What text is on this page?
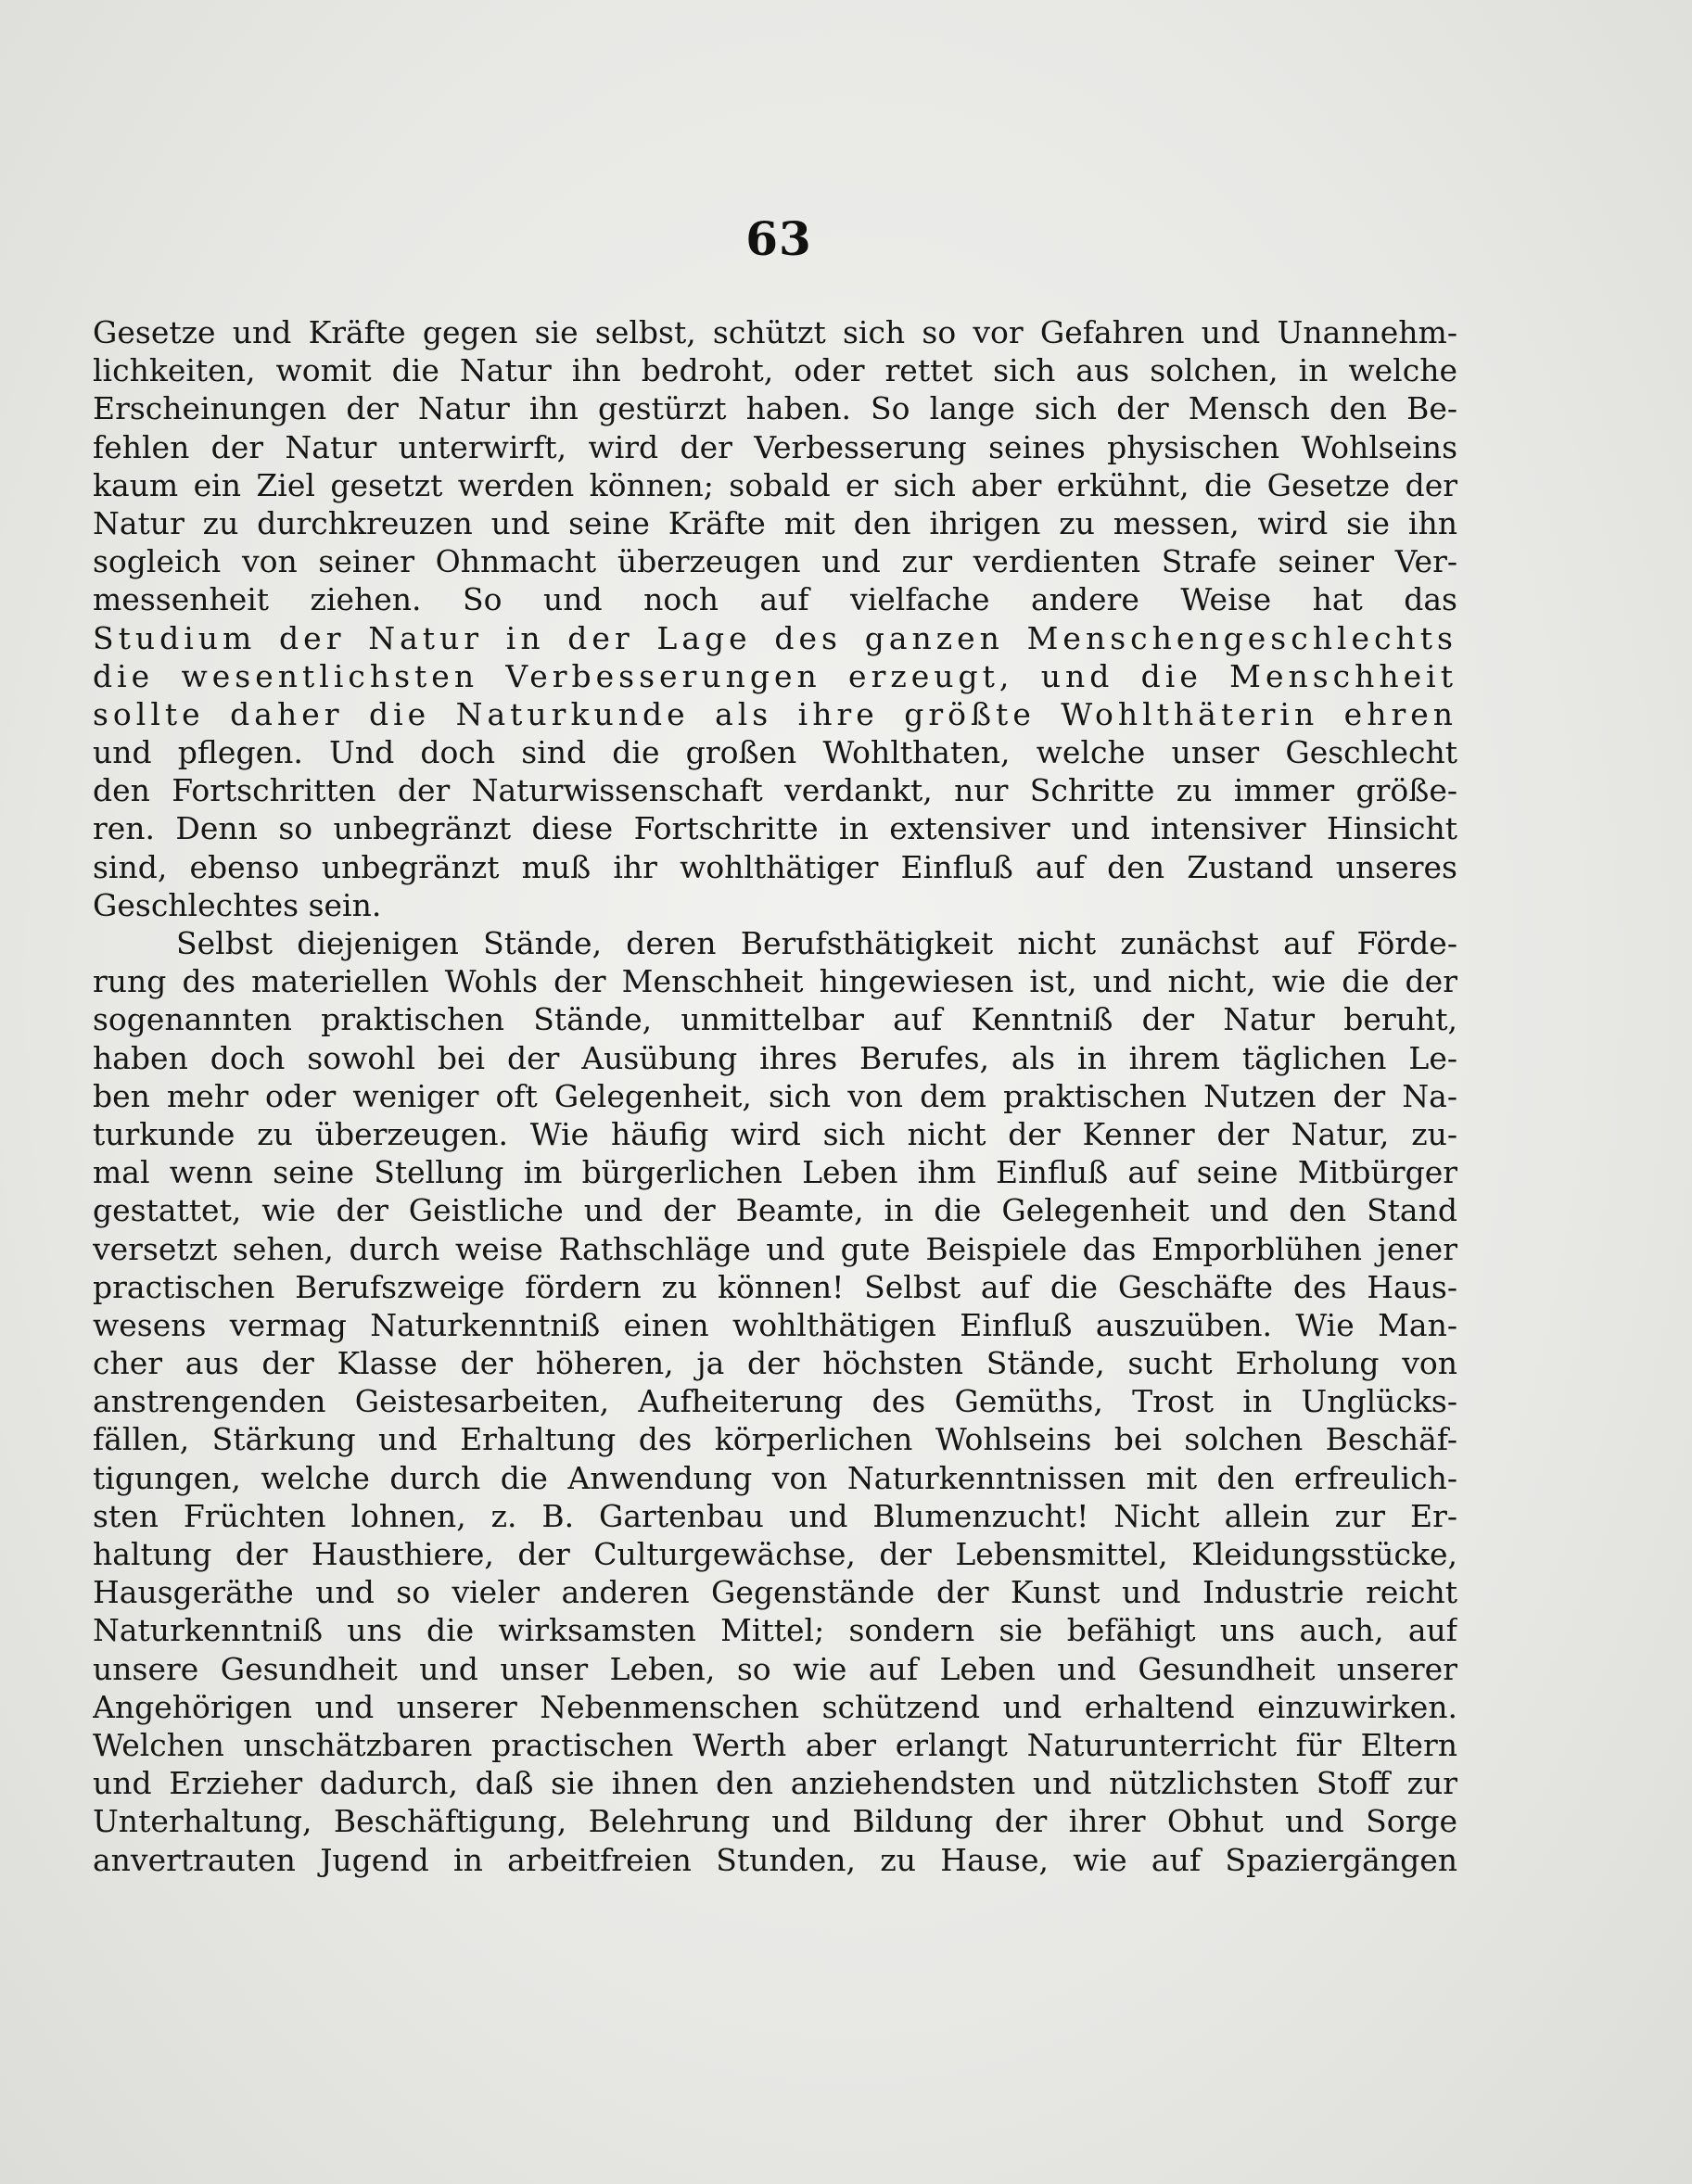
63
Gesetze und Kräfte gegen sie selbst, schützt sich so vor Gefahren und Unannehm-
lichkeiten, womit die Natur ihn bedroht, oder rettet sich aus solchen, in welche
Erscheinungen der Natur ihn gestürzt haben. So lange sich der Mensch den Be-
fehlen der Natur unterwirft, wird der Verbesserung seines physischen Wohlseins
kaum ein Ziel gesetzt werden können; sobald er sich aber erkühnt, die Gesetze der
Natur zu durchkreuzen und seine Kräfte mit den ihrigen zu messen, wird sie ihn
sogleich von seiner Ohnmacht überzeugen und zur verdienten Strafe seiner Ver-
messenheit ziehen. So und noch auf vielfache andere Weise hat das
Studium der Natur in der Lage des ganzen Menschengeschlechts
die wesentlichsten Verbesserungen erzeugt, und die Menschheit
sollte daher die Naturkunde als ihre größte Wohlthäterin ehren
und pflegen. Und doch sind die großen Wohlthaten, welche unser Geschlecht
den Fortschritten der Naturwissenschaft verdankt, nur Schritte zu immer größe-
ren. Denn so unbegränzt diese Fortschritte in extensiver und intensiver Hinsicht
sind, ebenso unbegränzt muß ihr wohlthätiger Einfluß auf den Zustand unseres
Geschlechtes sein.
Selbst diejenigen Stände, deren Berufsthätigkeit nicht zunächst auf Förde-
rung des materiellen Wohls der Menschheit hingewiesen ist, und nicht, wie die der
sogenannten praktischen Stände, unmittelbar auf Kenntniß der Natur beruht,
haben doch sowohl bei der Ausübung ihres Berufes, als in ihrem täglichen Le-
ben mehr oder weniger oft Gelegenheit, sich von dem praktischen Nutzen der Na-
turkunde zu überzeugen. Wie häufig wird sich nicht der Kenner der Natur, zu-
mal wenn seine Stellung im bürgerlichen Leben ihm Einfluß auf seine Mitbürger
gestattet, wie der Geistliche und der Beamte, in die Gelegenheit und den Stand
versetzt sehen, durch weise Rathschläge und gute Beispiele das Emporblühen jener
practischen Berufszweige fördern zu können! Selbst auf die Geschäfte des Haus-
wesens vermag Naturkenntniß einen wohlthätigen Einfluß auszuüben. Wie Man-
cher aus der Klasse der höheren, ja der höchsten Stände, sucht Erholung von
anstrengenden Geistesarbeiten, Aufheiterung des Gemüths, Trost in Unglücks-
fällen, Stärkung und Erhaltung des körperlichen Wohlseins bei solchen Beschäf-
tigungen, welche durch die Anwendung von Naturkenntnissen mit den erfreulich-
sten Früchten lohnen, z. B. Gartenbau und Blumenzucht! Nicht allein zur Er-
haltung der Hausthiere, der Culturgewächse, der Lebensmittel, Kleidungsstücke,
Hausgeräthe und so vieler anderen Gegenstände der Kunst und Industrie reicht
Naturkenntniß uns die wirksamsten Mittel; sondern sie befähigt uns auch, auf
unsere Gesundheit und unser Leben, so wie auf Leben und Gesundheit unserer
Angehörigen und unserer Nebenmenschen schützend und erhaltend einzuwirken.
Welchen unschätzbaren practischen Werth aber erlangt Naturunterricht für Eltern
und Erzieher dadurch, daß sie ihnen den anziehendsten und nützlichsten Stoff zur
Unterhaltung, Beschäftigung, Belehrung und Bildung der ihrer Obhut und Sorge
anvertrauten Jugend in arbeitfreien Stunden, zu Hause, wie auf Spaziergängen
